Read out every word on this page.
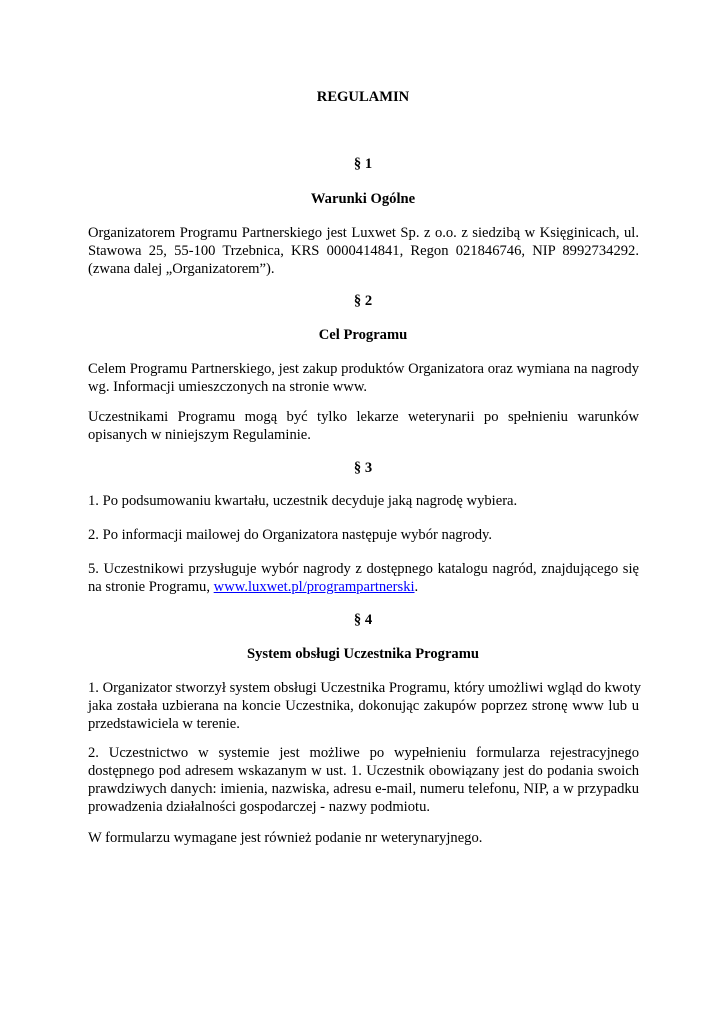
REGULAMIN
§ 1
Warunki Ogólne
Organizatorem Programu Partnerskiego jest Luxwet Sp. z o.o. z siedzibą w Księginicach, ul.
Stawowa 25, 55-100 Trzebnica, KRS 0000414841, Regon 021846746, NIP 8992734292.
(zwana dalej „Organizatorem”).
§ 2
Cel Programu
Celem Programu Partnerskiego, jest zakup produktów Organizatora oraz wymiana na nagrody
wg. Informacji umieszczonych na stronie www.
Uczestnikami Programu mogą być tylko lekarze weterynarii po spełnieniu warunków
opisanych w niniejszym Regulaminie.
§ 3
1. Po podsumowaniu kwartału, uczestnik decyduje jaką nagrodę wybiera.
2. Po informacji mailowej do Organizatora następuje wybór nagrody.
5. Uczestnikowi przysługuje wybór nagrody z dostępnego katalogu nagród, znajdującego się
na stronie Programu, www.luxwet.pl/programpartnerski.
§ 4
System obsługi Uczestnika Programu
1. Organizator stworzył system obsługi Uczestnika Programu, który umożliwi wgląd do kwoty
jaka została uzbierana na koncie Uczestnika, dokonując zakupów poprzez stronę www lub u
przedstawiciela w terenie.
2. Uczestnictwo w systemie jest możliwe po wypełnieniu formularza rejestracyjnego
dostępnego pod adresem wskazanym w ust. 1. Uczestnik obowiązany jest do podania swoich
prawdziwych danych: imienia, nazwiska, adresu e-mail, numeru telefonu, NIP, a w przypadku
prowadzenia działalności gospodarczej - nazwy podmiotu.
W formularzu wymagane jest również podanie nr weterynaryjnego.
